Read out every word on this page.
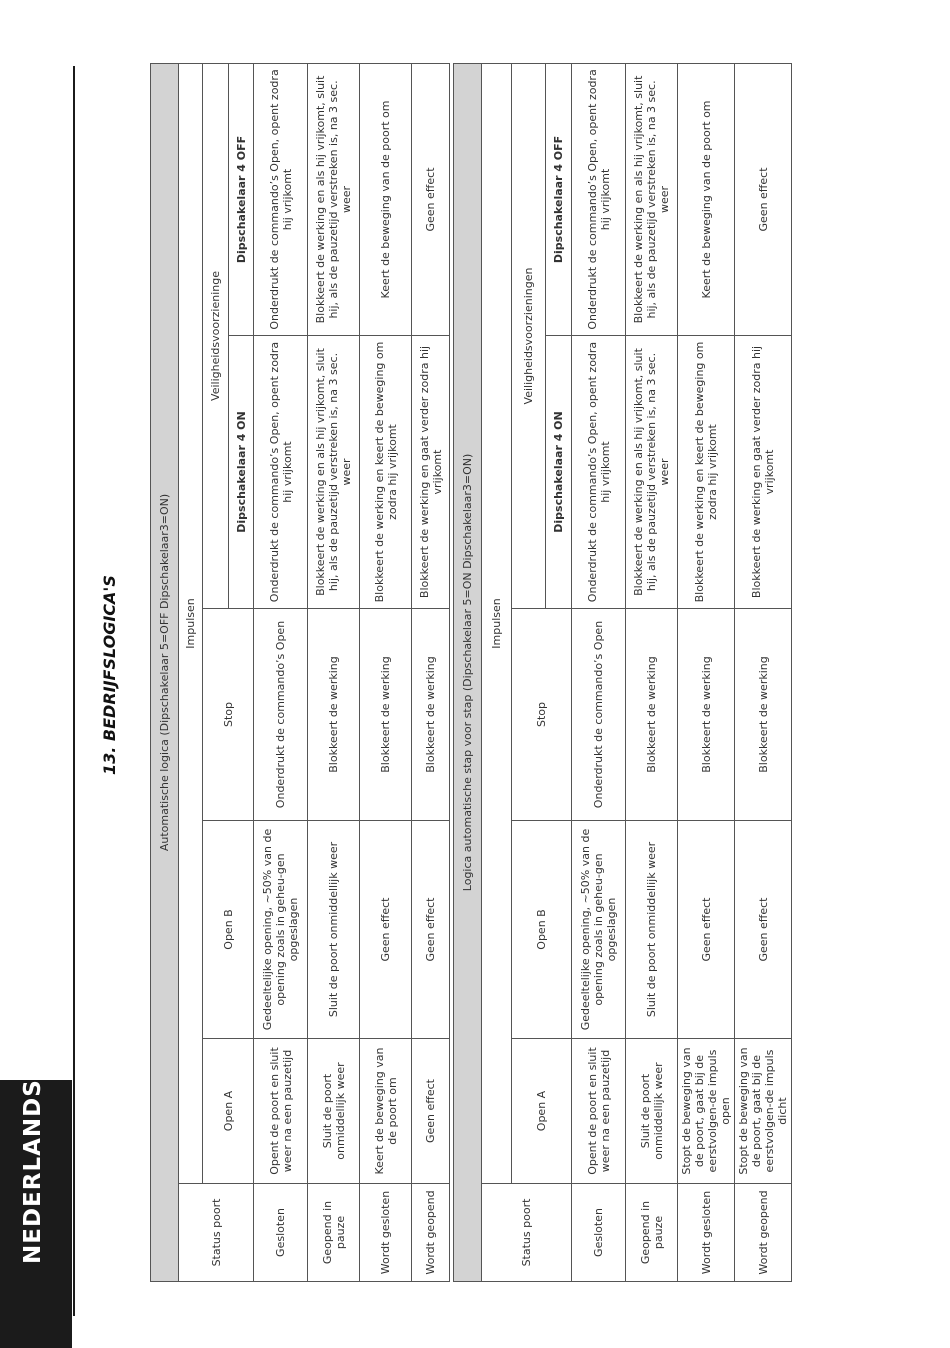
NEDERLANDS
13. BEDRIJFSLOGICA'S	Automatische logica (Dipschakelaar 5=OFF Dipschakelaar3=ON)					
Status poort	Impulsen				
	Open A	Open B	Stop	Veiligheidsvoorzieninge	
				Dipschakelaar 4 ON	Dipschakelaar 4 OFF
Gesloten	Opent de poort en sluit weer na een pauzetijd	Gedeeltelijke opening, ~50% van de opening zoals in geheu-gen opgeslagen	Onderdrukt de commando’s Open	Onderdrukt de commando’s Open, opent zodra hij vrijkomt	Onderdrukt de commando’s Open, opent zodra hij vrijkomt
Geopend in pauze	Sluit de poort onmiddellijk weer	Sluit de poort onmiddellijk weer	Blokkeert de werking	Blokkeert de werking en als hij vrijkomt, sluit hij, als de pauzetijd verstreken is, na 3 sec. weer	Blokkeert de werking en als hij vrijkomt, sluit hij, als de pauzetijd verstreken is, na 3 sec. weer
Wordt gesloten	Keert de beweging van de poort om	Geen effect	Blokkeert de werking	Blokkeert de werking en keert de beweging om zodra hij vrijkomt	Keert de beweging van de poort om
Wordt geopend	Geen effect	Geen effect	Blokkeert de werking	Blokkeert de werking en gaat verder zodra hij vrijkomt	Geen effect
Logica automatische stap voor stap (Dipschakelaar 5=ON Dipschakelaar3=ON)					
Status poort	Impulsen				
	Open A	Open B	Stop	Veiligheidsvoorzieningen	
				Dipschakelaar 4 ON	Dipschakelaar 4 OFF
Gesloten	Opent de poort en sluit weer na een pauzetijd	Gedeeltelijke opening, ~50% van de opening zoals in geheu-gen opgeslagen	Onderdrukt de commando’s Open	Onderdrukt de commando’s Open, opent zodra hij vrijkomt	Onderdrukt de commando’s Open, opent zodra hij vrijkomt
Geopend in pauze	Sluit de poort onmiddellijk weer	Sluit de poort onmiddellijk weer	Blokkeert de werking	Blokkeert de werking en als hij vrijkomt, sluit hij, als de pauzetijd verstreken is, na 3 sec. weer	Blokkeert de werking en als hij vrijkomt, sluit hij, als de pauzetijd verstreken is, na 3 sec. weer
Wordt gesloten	Stopt de beweging van de poort, gaat bij de eerstvolgen-de impuls open	Geen effect	Blokkeert de werking	Blokkeert de werking en keert de beweging om zodra hij vrijkomt	Keert de beweging van de poort om
Wordt geopend	Stopt de beweging van de poort, gaat bij de eerstvolgen-de impuls dicht	Geen effect	Blokkeert de werking	Blokkeert de werking en gaat verder zodra hij vrijkomt	Geen effect
